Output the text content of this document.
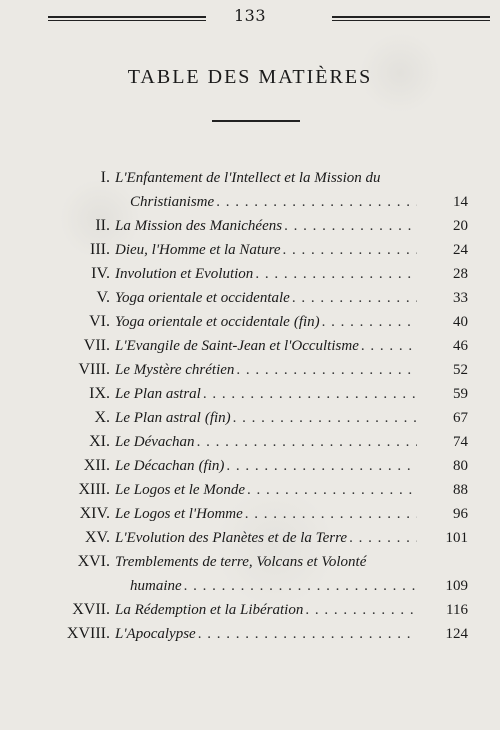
133
TABLE DES MATIÈRES
I. L'Enfantement de l'Intellect et la Mission du
Christianisme . . .	14
II. La Mission des Manichéens . . .	20
III. Dieu, l'Homme et la Nature . . .	24
IV. Involution et Evolution . . .	28
V. Yoga orientale et occidentale . . .	33
VI. Yoga orientale et occidentale (fin) . . .	40
VII. L'Evangile de Saint-Jean et l'Occultisme . . .	46
VIII. Le Mystère chrétien . . .	52
IX. Le Plan astral . . .	59
X. Le Plan astral (fin) . . .	67
XI. Le Dévachan . . .	74
XII. Le Décachan (fin) . . .	80
XIII. Le Logos et le Monde . . .	88
XIV. Le Logos et l'Homme . . .	96
XV. L'Evolution des Planètes et de la Terre . . .	101
XVI. Tremblements de terre, Volcans et Volonté
humaine . . .	109
XVII. La Rédemption et la Libération . . .	116
XVIII. L'Apocalypse . . .	124
